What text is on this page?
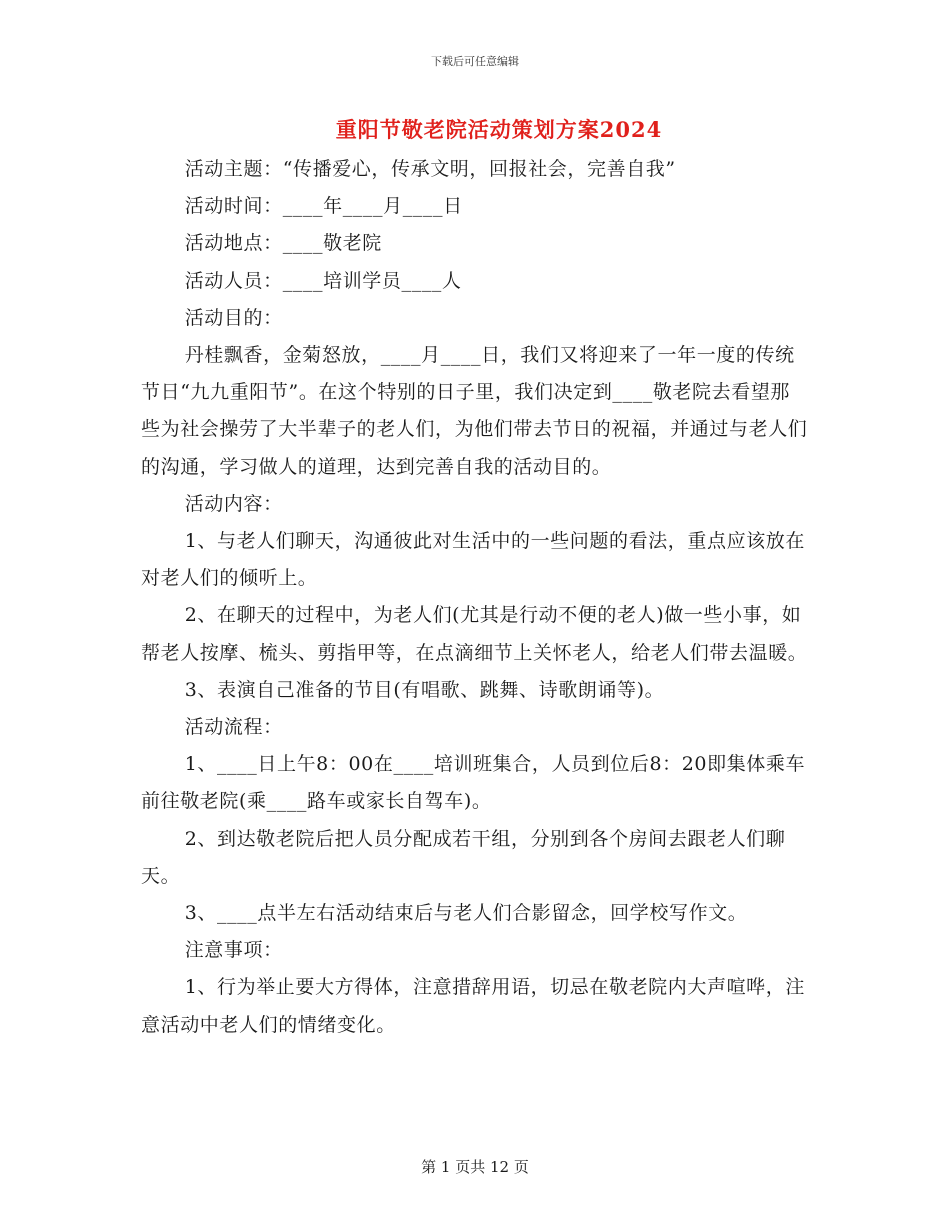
下载后可任意编辑
重阳节敬老院活动策划方案2024

活动主题：“传播爱心，传承文明，回报社会，完善自我”

活动时间：____年____月____日

活动地点：____敬老院

活动人员：____培训学员____人

活动目的：

丹桂飘香，金菊怒放，____月____日，我们又将迎来了一年一度的传统节日“九九重阳节”。在这个特别的日子里，我们决定到____敬老院去看望那些为社会操劳了大半辈子的老人们，为他们带去节日的祝福，并通过与老人们的沟通，学习做人的道理，达到完善自我的活动目的。

活动内容：

1、与老人们聊天，沟通彼此对生活中的一些问题的看法，重点应该放在对老人们的倾听上。

2、在聊天的过程中，为老人们(尤其是行动不便的老人)做一些小事，如帮老人按摩、梳头、剪指甲等，在点滴细节上关怀老人，给老人们带去温暖。

3、表演自己准备的节目(有唱歌、跳舞、诗歌朗诵等)。

活动流程：

1、____日上午8：00在____培训班集合，人员到位后8：20即集体乘车前往敬老院(乘____路车或家长自驾车)。

2、到达敬老院后把人员分配成若干组，分别到各个房间去跟老人们聊天。

3、____点半左右活动结束后与老人们合影留念，回学校写作文。

注意事项：

1、行为举止要大方得体，注意措辞用语，切忌在敬老院内大声喧哗，注意活动中老人们的情绪变化。

第 1 页共 12 页
